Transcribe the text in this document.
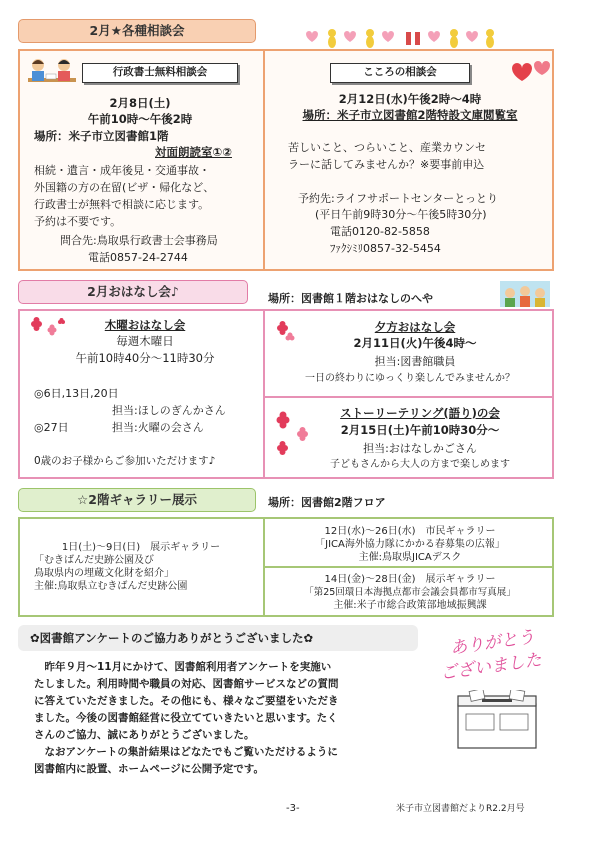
2月★各種相談会
行政書士無料相談会
2月8日(土)
午前10時～午後2時
場所：米子市立図書館1階
対面朗読室①②
相続・遺言・成年後見・交通事故・
外国籍の方の在留(ビザ・帰化など、
行政書士が無料で相談に応じます。
予約は不要です。
問合先:鳥取県行政書士会事務局
電話0857-24-2744
こころの相談会
2月12日(水)午後2時～4時
場所：米子市立図書館2階特設文庫閲覧室
苦しいこと、つらいこと、産業カウンセ
ラーに話してみませんか？※要事前申込
予約先:ライフサポートセンターとっとり
(平日午前9時30分～午後5時30分)
電話0120-82-5858
ﾌｧｸｼﾐﾘ0857-32-5454
2月おはなし会♪	場所：図書館１階おはなしのへや
木曜おはなし会
毎週木曜日
午前10時40分～11時30分
◎6日,13日,20日
担当:ほしのぎんかさん
◎27日	担当:火曜の会さん
0歳のお子様からご参加いただけます♪
夕方おはなし会
2月11日(火)午後4時～
担当:図書館職員
一日の終わりにゆっくり楽しんでみませんか？
ストーリーテリング(語り)の会
2月15日(土)午前10時30分～
担当:おはなしかごさん
子どもさんから大人の方まで楽しめます
☆2階ギャラリー展示	場所：図書館2階フロア
1日(土)～9日(日)　展示ギャラリー
「むきばんだ史跡公園及び
鳥取県内の埋蔵文化財を紹介」
主催:鳥取県立むきばんだ史跡公園
12日(水)～26日(水)　市民ギャラリー
「JICA海外協力隊にかかる春募集の広報」
主催:鳥取県JICAデスク
14日(金)～28日(金)　展示ギャラリー
「第25回環日本海拠点都市会議会員都市写真展」
主催:米子市総合政策部地域振興課
✿図書館アンケートのご協力ありがとうございました✿
　昨年９月～11月にかけて、図書館利用者アンケートを実施い
たしました。利用時間や職員の対応、図書館サービスなどの質問
に答えていただきました。その他にも、様々なご要望をいただき
ました。今後の図書館経営に役立てていきたいと思います。たく
さんのご協力、誠にありがとうございました。
　なおアンケートの集計結果はどなたでもご覧いただけるように
図書館内に設置、ホームページに公開予定です。
ありがとう
ございました
-3-	米子市立図書館だよりR2.2月号
